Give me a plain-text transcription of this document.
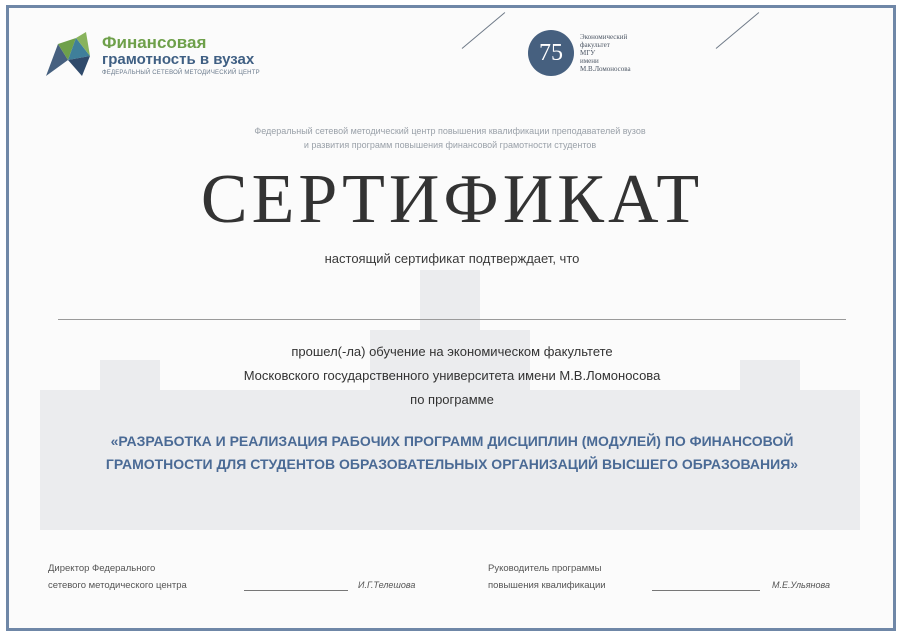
Финансовая
грамотность в вузах
ФЕДЕРАЛЬНЫЙ СЕТЕВОЙ МЕТОДИЧЕСКИЙ ЦЕНТР
75
Экономический
факультет
МГУ
имени
М.В.Ломоносова
Федеральный сетевой методический центр повышения квалификации преподавателей вузов
и развития программ повышения финансовой грамотности студентов
СЕРТИФИКАТ
настоящий сертификат подтверждает, что
прошел(-ла) обучение на экономическом факультете
Московского государственного университета имени М.В.Ломоносова
по программе
«РАЗРАБОТКА И РЕАЛИЗАЦИЯ РАБОЧИХ ПРОГРАММ ДИСЦИПЛИН (МОДУЛЕЙ) ПО ФИНАНСОВОЙ
ГРАМОТНОСТИ ДЛЯ СТУДЕНТОВ ОБРАЗОВАТЕЛЬНЫХ ОРГАНИЗАЦИЙ ВЫСШЕГО ОБРАЗОВАНИЯ»
Директор Федерального
сетевого методического центра	И.Г.Телешова
Руководитель программы
повышения квалификации	М.Е.Ульянова
